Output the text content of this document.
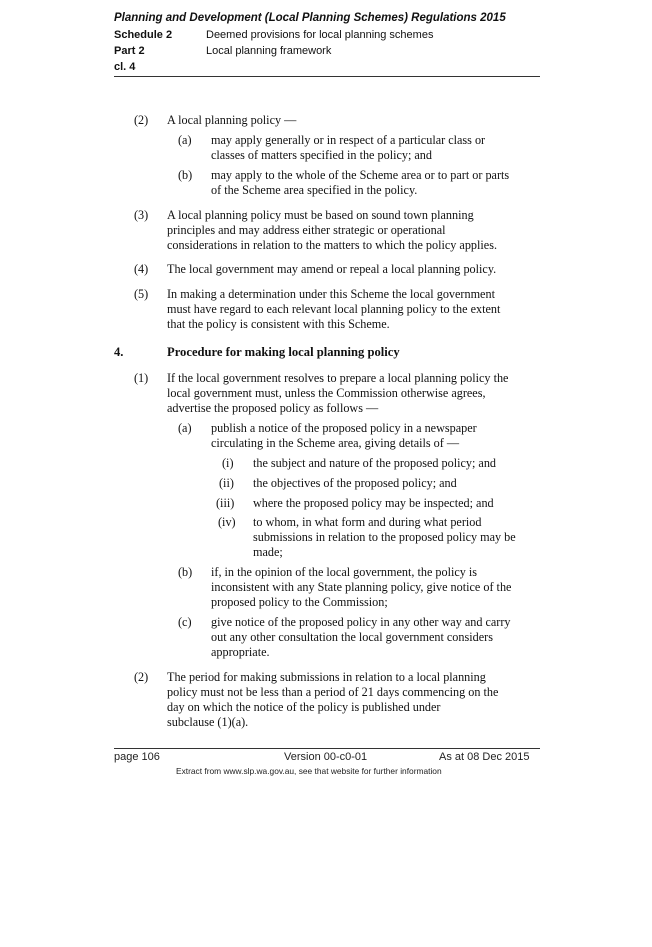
Planning and Development (Local Planning Schemes) Regulations 2015
Schedule 2	Deemed provisions for local planning schemes
Part 2	Local planning framework
cl. 4
(2) A local planning policy —
(a) may apply generally or in respect of a particular class or
classes of matters specified in the policy; and
(b) may apply to the whole of the Scheme area or to part or parts
of the Scheme area specified in the policy.
(3) A local planning policy must be based on sound town planning
principles and may address either strategic or operational
considerations in relation to the matters to which the policy applies.
(4) The local government may amend or repeal a local planning policy.
(5) In making a determination under this Scheme the local government
must have regard to each relevant local planning policy to the extent
that the policy is consistent with this Scheme.
4.	Procedure for making local planning policy
(1) If the local government resolves to prepare a local planning policy the
local government must, unless the Commission otherwise agrees,
advertise the proposed policy as follows —
(a) publish a notice of the proposed policy in a newspaper
circulating in the Scheme area, giving details of —
(i) the subject and nature of the proposed policy; and
(ii) the objectives of the proposed policy; and
(iii) where the proposed policy may be inspected; and
(iv) to whom, in what form and during what period
submissions in relation to the proposed policy may be
made;
(b) if, in the opinion of the local government, the policy is
inconsistent with any State planning policy, give notice of the
proposed policy to the Commission;
(c) give notice of the proposed policy in any other way and carry
out any other consultation the local government considers
appropriate.
(2) The period for making submissions in relation to a local planning
policy must not be less than a period of 21 days commencing on the
day on which the notice of the policy is published under
subclause (1)(a).
page 106	Version 00-c0-01	As at 08 Dec 2015
Extract from www.slp.wa.gov.au, see that website for further information
